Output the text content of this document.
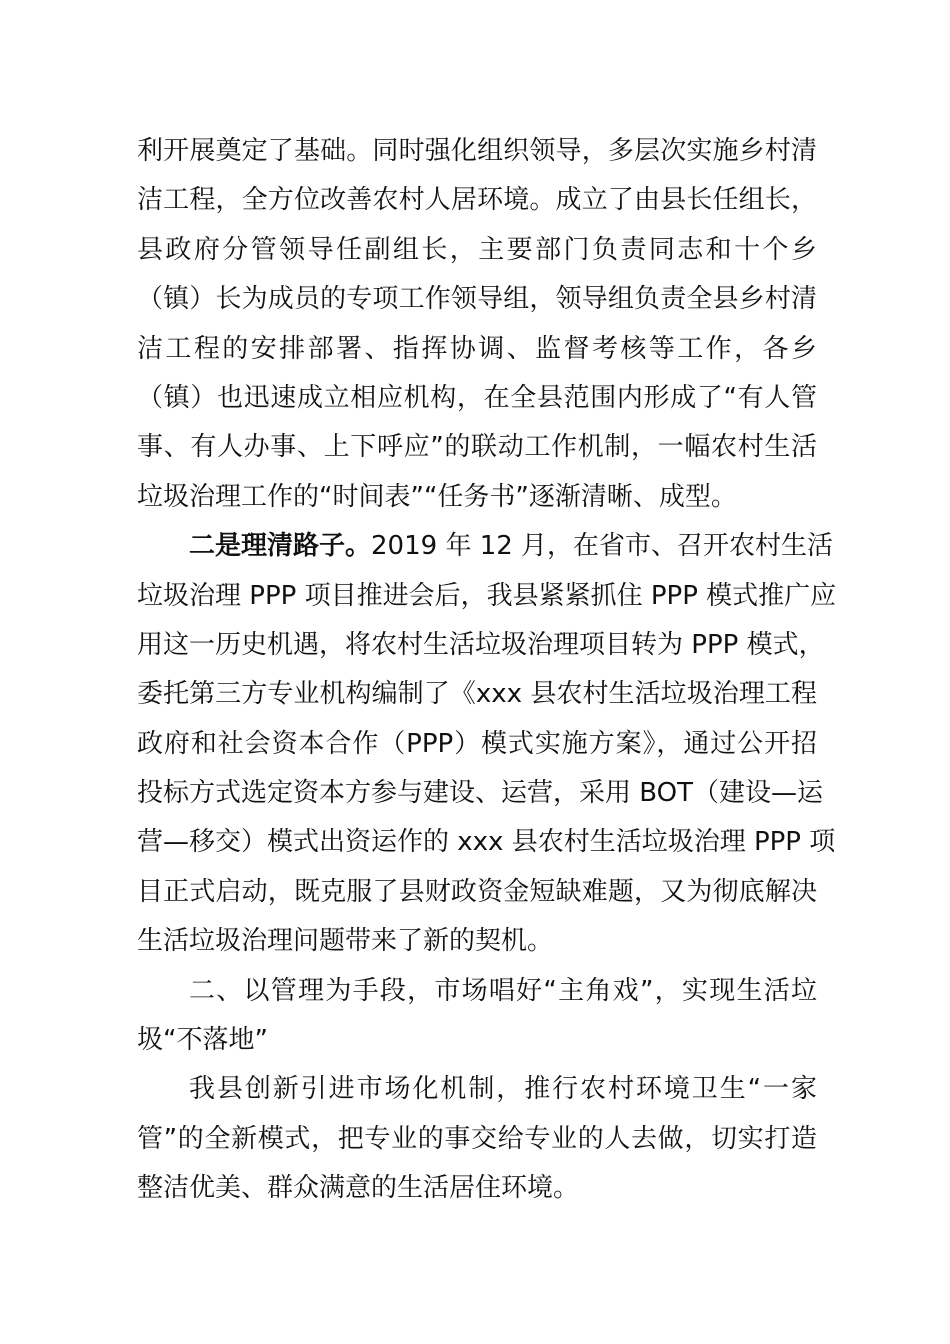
利开展奠定了基础。同时强化组织领导，多层次实施乡村清
洁工程，全方位改善农村人居环境。成立了由县长任组长，
县政府分管领导任副组长，主要部门负责同志和十个乡
（镇）长为成员的专项工作领导组，领导组负责全县乡村清
洁工程的安排部署、指挥协调、监督考核等工作，各乡
（镇）也迅速成立相应机构，在全县范围内形成了“有人管
事、有人办事、上下呼应”的联动工作机制，一幅农村生活
垃圾治理工作的“时间表”“任务书”逐渐清晰、成型。
二是理清路子。 2019 年 12 月，在省市、召开农村生活
垃圾治理 PPP 项目推进会后，我县紧紧抓住 PPP 模式推广应
用这一历史机遇，将农村生活垃圾治理项目转为 PPP 模式，
委托第三方专业机构编制了《xxx 县农村生活垃圾治理工程
政府和社会资本合作（PPP）模式实施方案》，通过公开招
投标方式选定资本方参与建设、运营，采用 BOT（建设—运
营—移交）模式出资运作的 xxx 县农村生活垃圾治理 PPP 项
目正式启动，既克服了县财政资金短缺难题，又为彻底解决
生活垃圾治理问题带来了新的契机。
二、以管理为手段，市场唱好“主角戏”，实现生活垃
圾“不落地”
我县创新引进市场化机制，推行农村环境卫生“一家
管”的全新模式，把专业的事交给专业的人去做，切实打造
整洁优美、群众满意的生活居住环境。
